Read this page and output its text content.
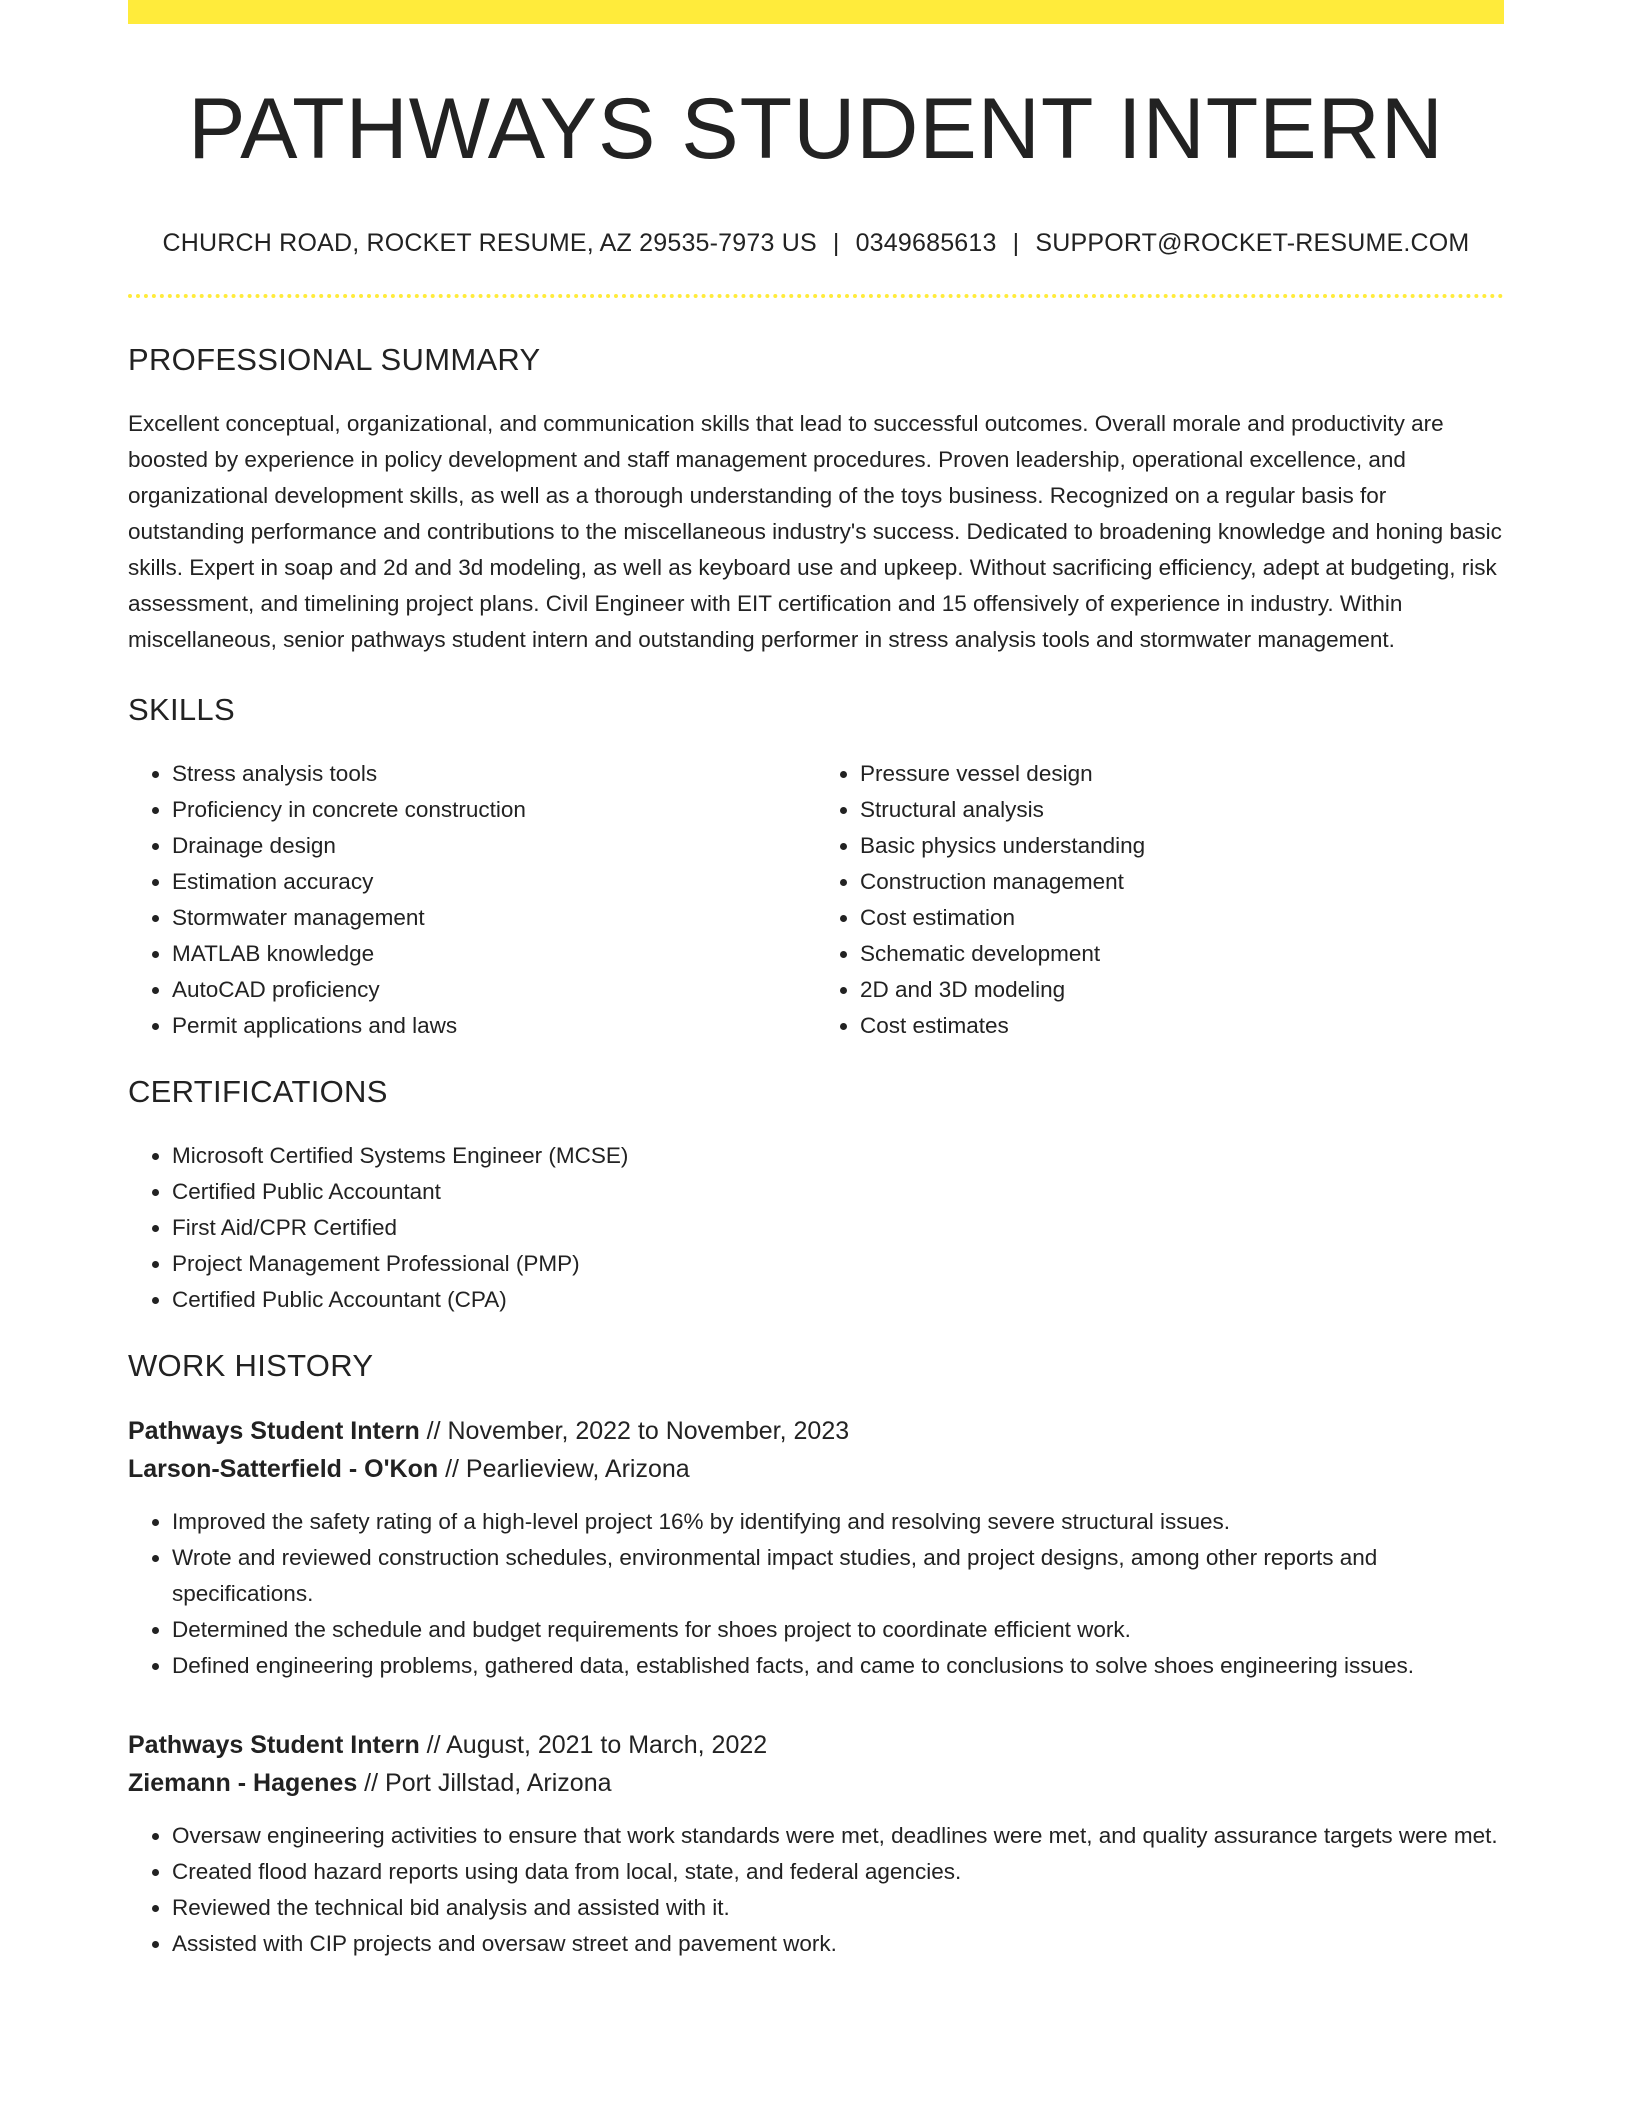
PATHWAYS STUDENT INTERN
CHURCH ROAD, ROCKET RESUME, AZ 29535-7973 US | 0349685613 | SUPPORT@ROCKET-RESUME.COM
PROFESSIONAL SUMMARY

Excellent conceptual, organizational, and communication skills that lead to successful outcomes. Overall morale and productivity are boosted by experience in policy development and staff management procedures. Proven leadership, operational excellence, and organizational development skills, as well as a thorough understanding of the toys business. Recognized on a regular basis for outstanding performance and contributions to the miscellaneous industry's success. Dedicated to broadening knowledge and honing basic skills. Expert in soap and 2d and 3d modeling, as well as keyboard use and upkeep. Without sacrificing efficiency, adept at budgeting, risk assessment, and timelining project plans. Civil Engineer with EIT certification and 15 offensively of experience in industry. Within miscellaneous, senior pathways student intern and outstanding performer in stress analysis tools and stormwater management.

SKILLS
• Stress analysis tools
• Proficiency in concrete construction
• Drainage design
• Estimation accuracy
• Stormwater management
• MATLAB knowledge
• AutoCAD proficiency
• Permit applications and laws
• Pressure vessel design
• Structural analysis
• Basic physics understanding
• Construction management
• Cost estimation
• Schematic development
• 2D and 3D modeling
• Cost estimates
CERTIFICATIONS
• Microsoft Certified Systems Engineer (MCSE)
• Certified Public Accountant
• First Aid/CPR Certified
• Project Management Professional (PMP)
• Certified Public Accountant (CPA)
WORK HISTORY
Pathways Student Intern // November, 2022 to November, 2023
Larson-Satterfield - O'Kon // Pearlieview, Arizona
• Improved the safety rating of a high-level project 16% by identifying and resolving severe structural issues.
• Wrote and reviewed construction schedules, environmental impact studies, and project designs, among other reports and specifications.
• Determined the schedule and budget requirements for shoes project to coordinate efficient work.
• Defined engineering problems, gathered data, established facts, and came to conclusions to solve shoes engineering issues.
Pathways Student Intern // August, 2021 to March, 2022
Ziemann - Hagenes // Port Jillstad, Arizona
• Oversaw engineering activities to ensure that work standards were met, deadlines were met, and quality assurance targets were met.
• Created flood hazard reports using data from local, state, and federal agencies.
• Reviewed the technical bid analysis and assisted with it.
• Assisted with CIP projects and oversaw street and pavement work.
